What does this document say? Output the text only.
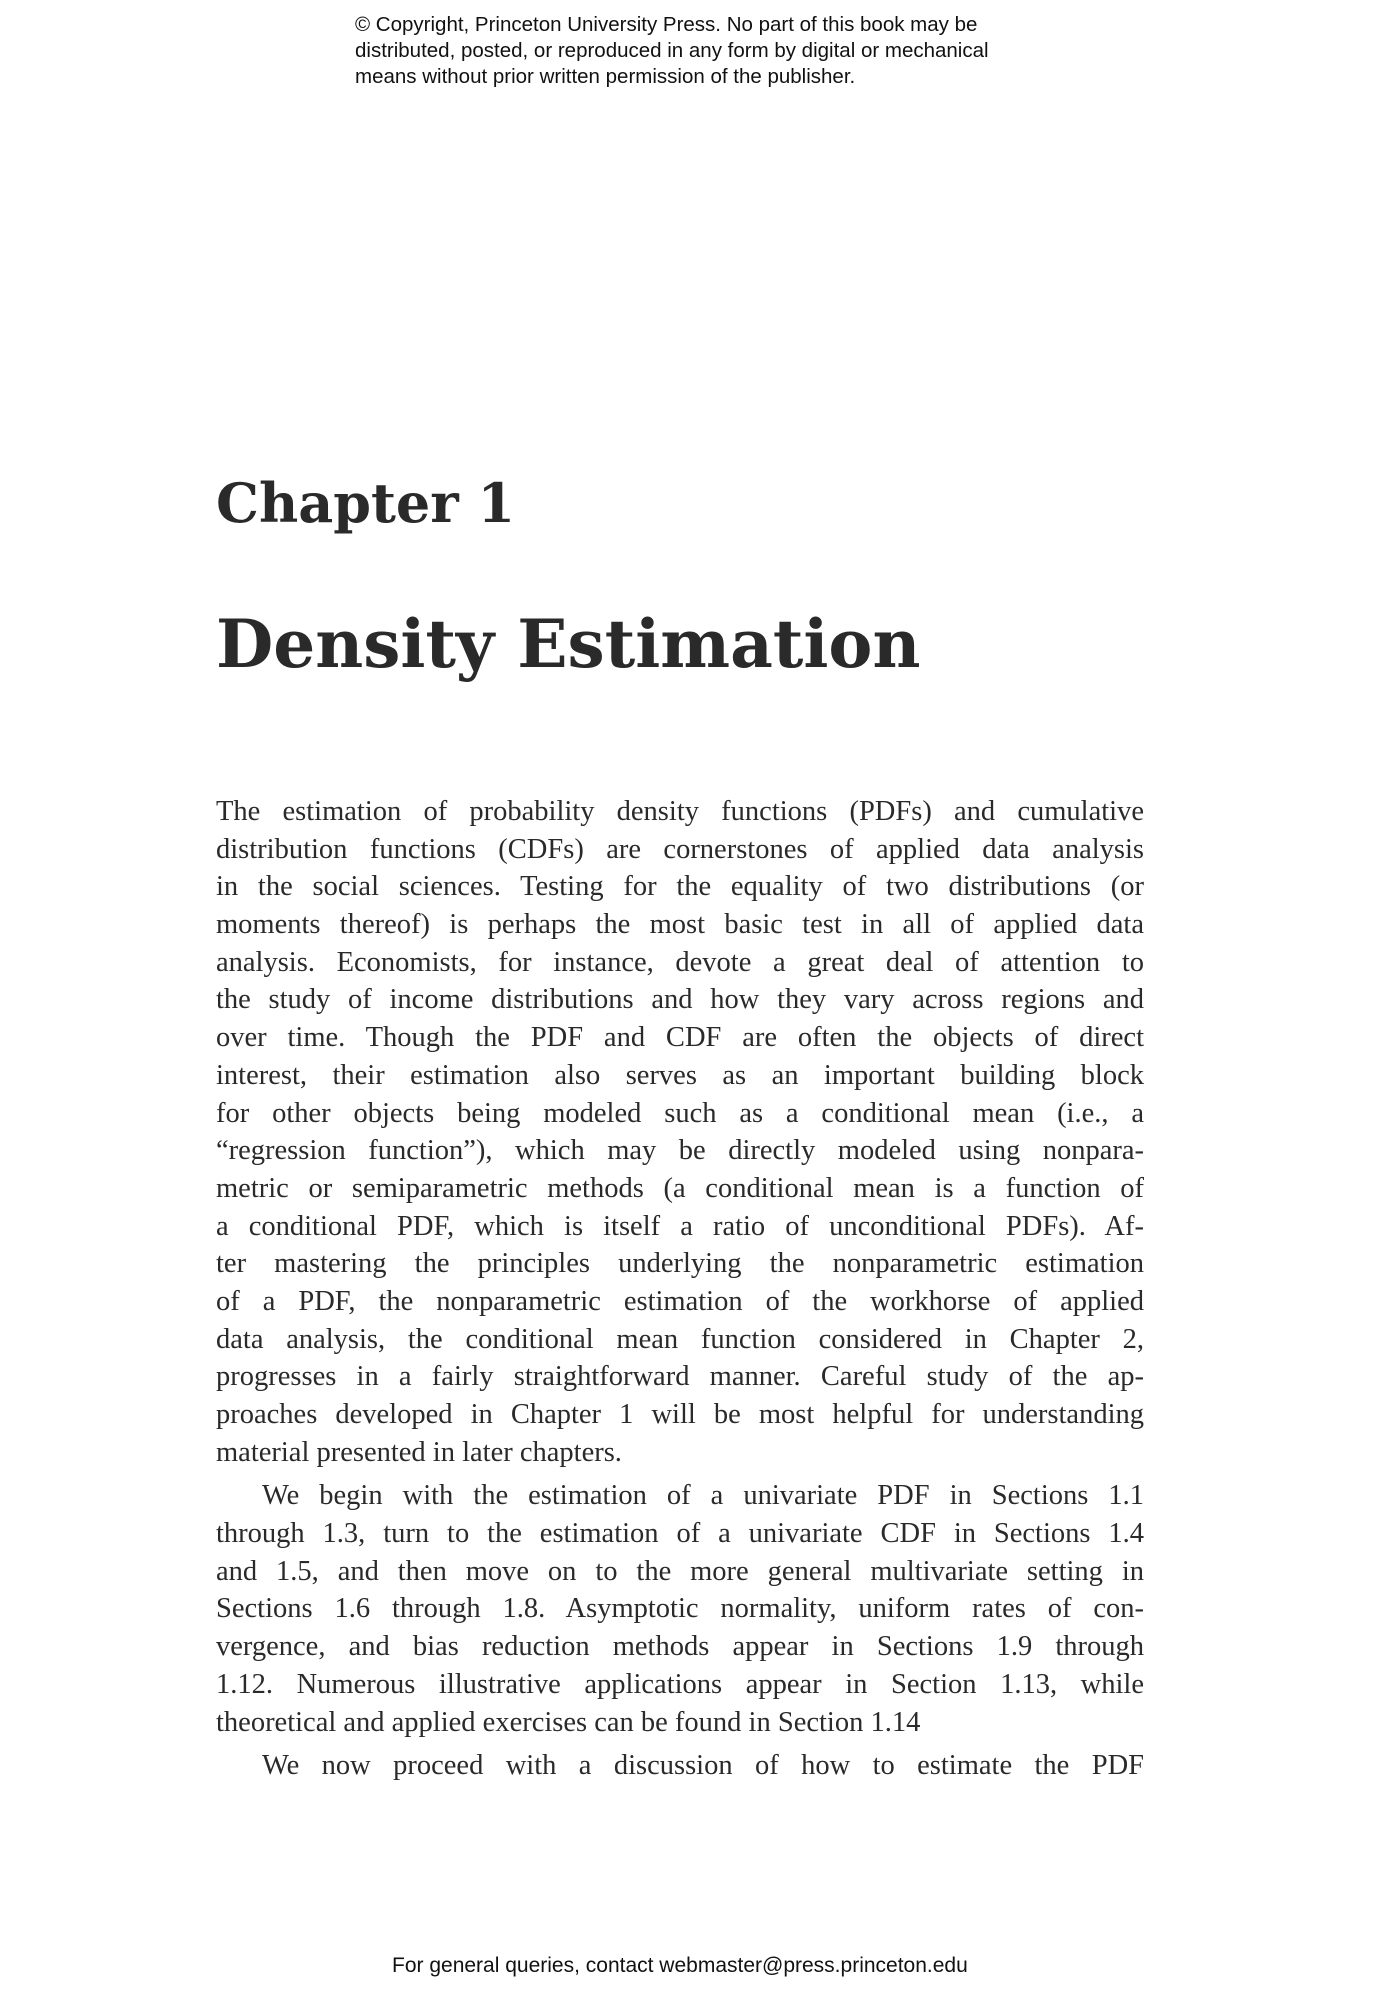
© Copyright, Princeton University Press. No part of this book may be
distributed, posted, or reproduced in any form by digital or mechanical
means without prior written permission of the publisher.
Chapter 1
Density Estimation
The estimation of probability density functions (PDFs) and cumulative
distribution functions (CDFs) are cornerstones of applied data analysis
in the social sciences. Testing for the equality of two distributions (or
moments thereof) is perhaps the most basic test in all of applied data
analysis. Economists, for instance, devote a great deal of attention to
the study of income distributions and how they vary across regions and
over time. Though the PDF and CDF are often the objects of direct
interest, their estimation also serves as an important building block
for other objects being modeled such as a conditional mean (i.e., a
“regression function”), which may be directly modeled using nonpara-
metric or semiparametric methods (a conditional mean is a function of
a conditional PDF, which is itself a ratio of unconditional PDFs). Af-
ter mastering the principles underlying the nonparametric estimation
of a PDF, the nonparametric estimation of the workhorse of applied
data analysis, the conditional mean function considered in Chapter 2,
progresses in a fairly straightforward manner. Careful study of the ap-
proaches developed in Chapter 1 will be most helpful for understanding
material presented in later chapters.
We begin with the estimation of a univariate PDF in Sections 1.1
through 1.3, turn to the estimation of a univariate CDF in Sections 1.4
and 1.5, and then move on to the more general multivariate setting in
Sections 1.6 through 1.8. Asymptotic normality, uniform rates of con-
vergence, and bias reduction methods appear in Sections 1.9 through
1.12. Numerous illustrative applications appear in Section 1.13, while
theoretical and applied exercises can be found in Section 1.14
We now proceed with a discussion of how to estimate the PDF
For general queries, contact webmaster@press.princeton.edu
